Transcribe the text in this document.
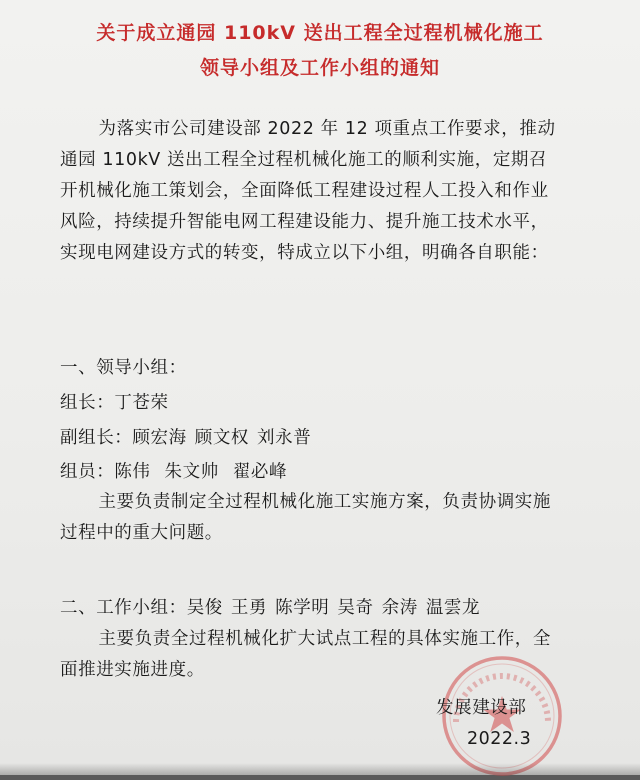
关于成立通园 110kV 送出工程全过程机械化施工
领导小组及工作小组的通知

为落实市公司建设部 2022 年 12 项重点工作要求，推动通园 110kV 送出工程全过程机械化施工的顺利实施，定期召开机械化施工策划会，全面降低工程建设过程人工投入和作业风险，持续提升智能电网工程建设能力、提升施工技术水平，实现电网建设方式的转变，特成立以下小组，明确各自职能：

一、领导小组：
组长：丁苍荣
副组长：顾宏海 顾文权 刘永普
组员：陈伟 朱文帅 翟必峰

主要负责制定全过程机械化施工实施方案，负责协调实施过程中的重大问题。

二、工作小组：吴俊 王勇 陈学明 吴奇 余涛 温雲龙

主要负责全过程机械化扩大试点工程的具体实施工作，全面推进实施进度。

发展建设部
2022.3
